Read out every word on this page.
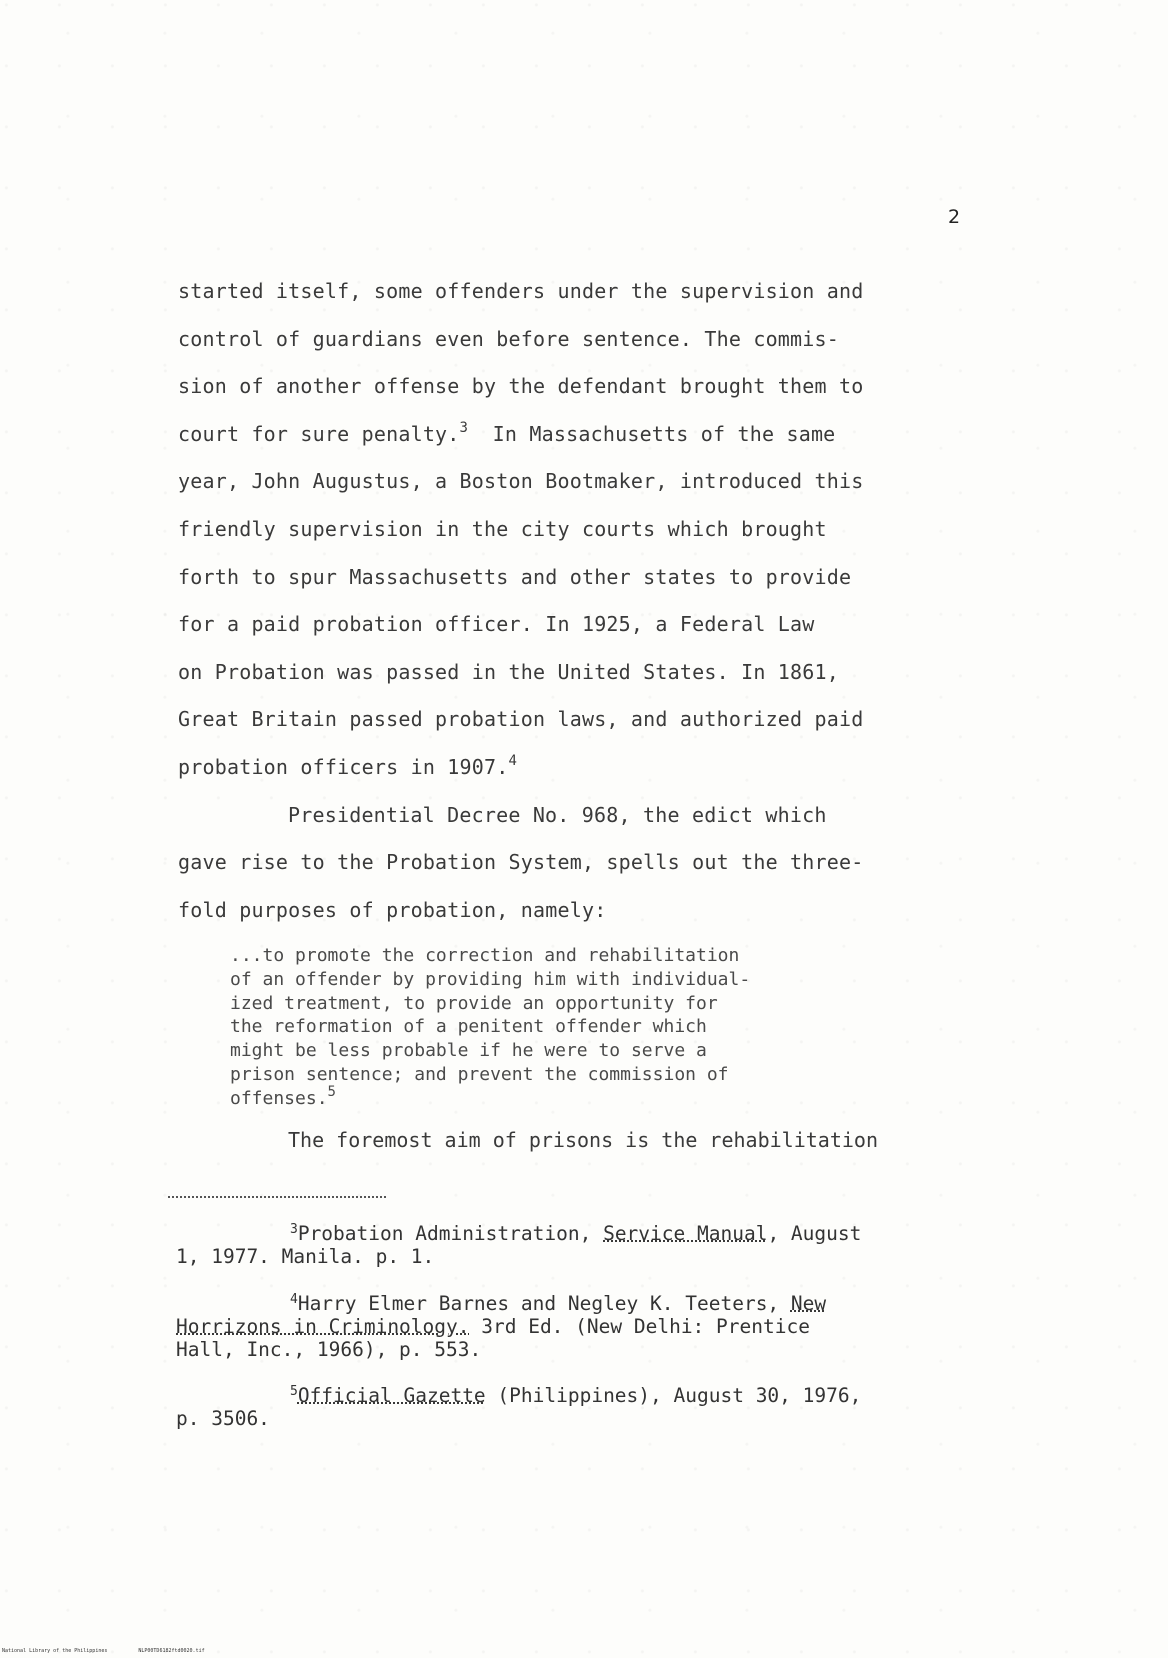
2
started itself, some offenders under the supervision and
control of guardians even before sentence. The commis-
sion of another offense by the defendant brought them to
court for sure penalty.$^3$ In Massachusetts of the same
year, John Augustus, a Boston Bootmaker, introduced this
friendly supervision in the city courts which brought
forth to spur Massachusetts and other states to provide
for a paid probation officer. In 1925, a Federal Law
on Probation was passed in the United States. In 1861,
Great Britain passed probation laws, and authorized paid
probation officers in 1907.$^4$
Presidential Decree No. 968, the edict which
gave rise to the Probation System, spells out the three-
fold purposes of probation, namely:
...to promote the correction and rehabilitation
of an offender by providing him with individual-
ized treatment, to provide an opportunity for
the reformation of a penitent offender which
might be less probable if he were to serve a
prison sentence; and prevent the commission of
offenses.$^5$
The foremost aim of prisons is the rehabilitation
$^3$Probation Administration, Service Manual, August
1, 1977. Manila. p. 1.
$^4$Harry Elmer Barnes and Negley K. Teeters, New
Horrizons in Criminology. 3rd Ed. (New Delhi: Prentice
Hall, Inc., 1966), p. 553.
$^5$Official Gazette (Philippines), August 30, 1976,
p. 3506.
National Library of the Philippines	NLP00TD6182ftd0020.tif
